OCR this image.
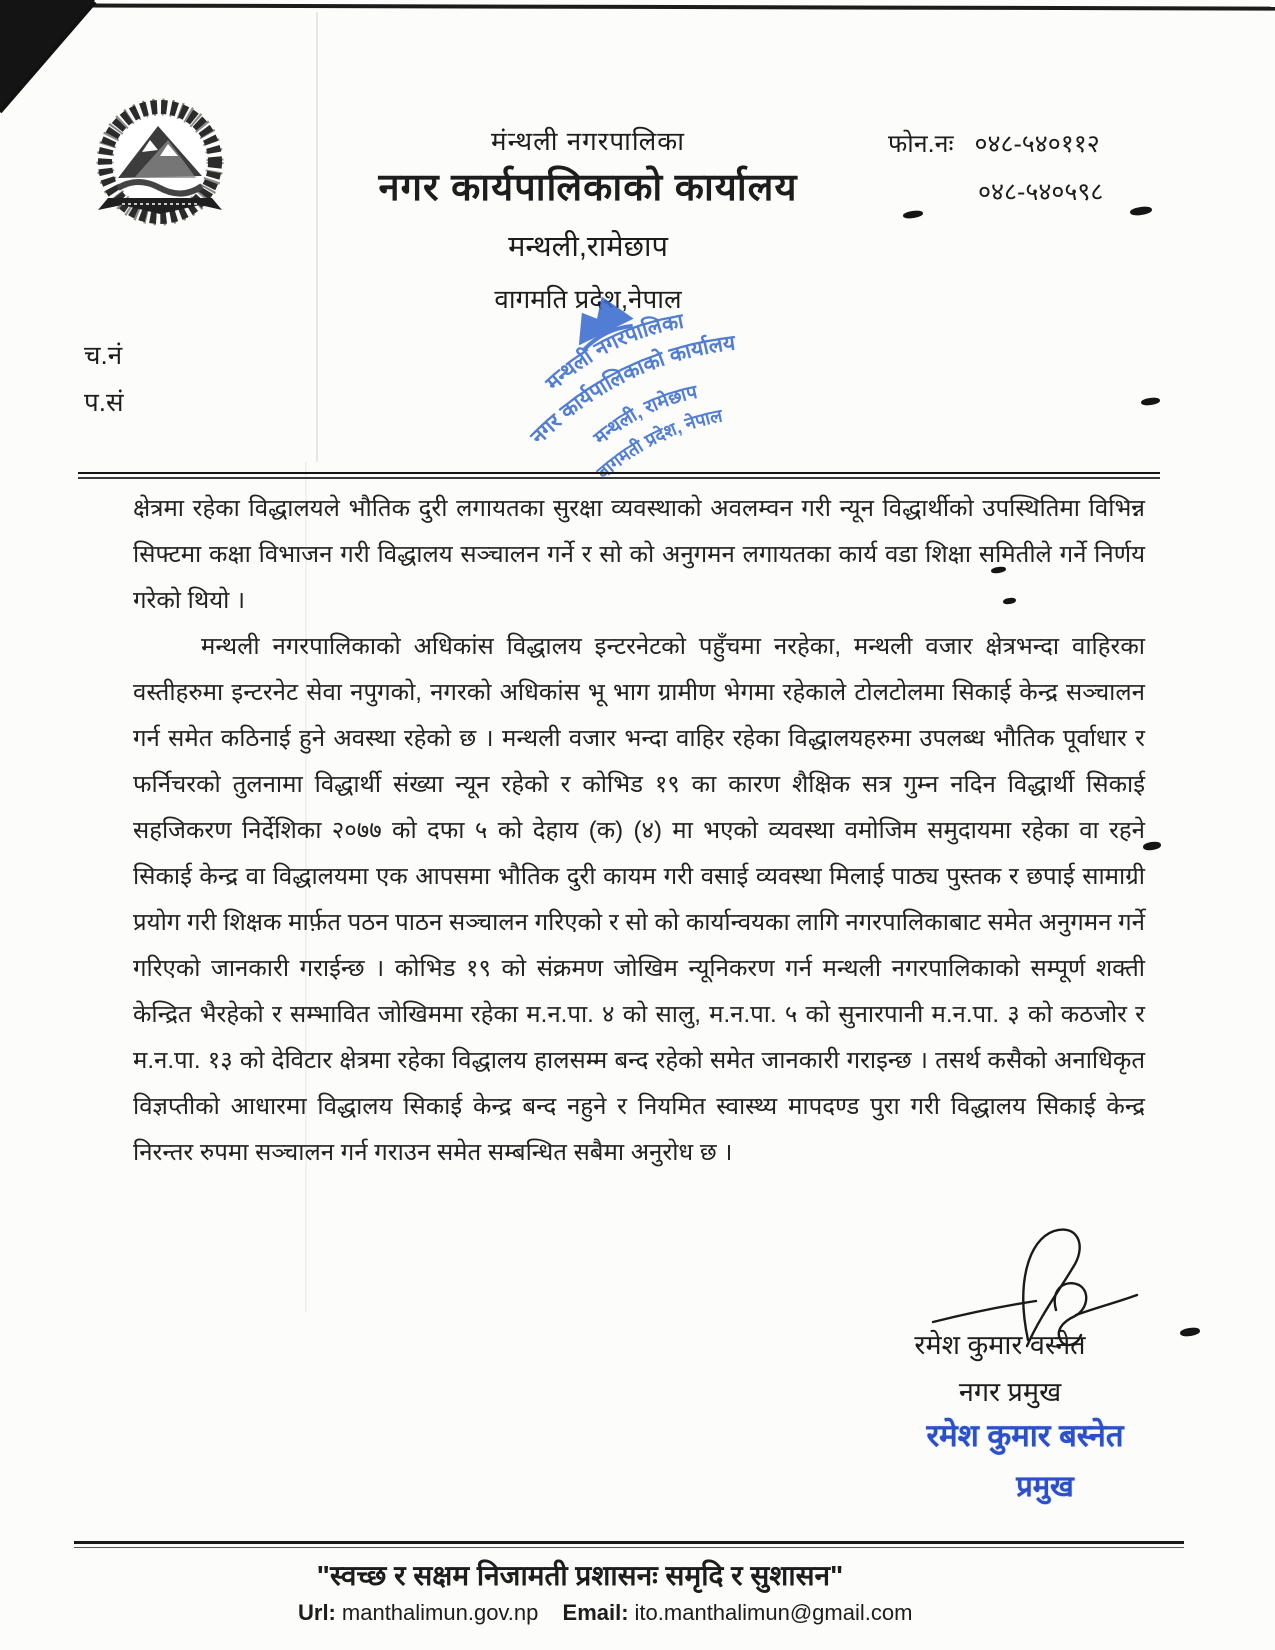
मंन्थली नगरपालिका
नगर कार्यपालिकाको कार्यालय
मन्थली,रामेछाप
वागमति प्रदेश,नेपाल
फोन.नः ०४८-५४०११२
०४८-५४०५९८
च.नं
प.सं
मन्थली नगरपालिका
नगर कार्यपालिकाको कार्यालय
मन्थली, रामेछाप
बागमती प्रदेश, नेपाल

क्षेत्रमा रहेका विद्धालयले भौतिक दुरी लगायतका सुरक्षा व्यवस्थाको अवलम्वन गरी न्यून विद्धार्थीको उपस्थितिमा विभिन्न सिफ्टमा कक्षा विभाजन गरी विद्धालय सञ्चालन गर्ने र सो को अनुगमन लगायतका कार्य वडा शिक्षा समितीले गर्ने निर्णय गरेको थियो ।

मन्थली नगरपालिकाको अधिकांस विद्धालय इन्टरनेटको पहुँचमा नरहेका, मन्थली वजार क्षेत्रभन्दा वाहिरका वस्तीहरुमा इन्टरनेट सेवा नपुगको, नगरको अधिकांस भू भाग ग्रामीण भेगमा रहेकाले टोलटोलमा सिकाई केन्द्र सञ्चालन गर्न समेत कठिनाई हुने अवस्था रहेको छ । मन्थली वजार भन्दा वाहिर रहेका विद्धालयहरुमा उपलब्ध भौतिक पूर्वाधार र फर्निचरको तुलनामा विद्धार्थी संख्या न्यून रहेको र कोभिड १९ का कारण शैक्षिक सत्र गुम्न नदिन विद्धार्थी सिकाई सहजिकरण निर्देशिका २०७७ को दफा ५ को देहाय (क) (४) मा भएको व्यवस्था वमोजिम समुदायमा रहेका वा रहने सिकाई केन्द्र वा विद्धालयमा एक आपसमा भौतिक दुरी कायम गरी वसाई व्यवस्था मिलाई पाठ्य पुस्तक र छपाई सामाग्री प्रयोग गरी शिक्षक मार्फ़त पठन पाठन सञ्चालन गरिएको र सो को कार्यान्वयका लागि नगरपालिकाबाट समेत अनुगमन गर्ने गरिएको जानकारी गराईन्छ । कोभिड १९ को संक्रमण जोखिम न्यूनिकरण गर्न मन्थली नगरपालिकाको सम्पूर्ण शक्ती केन्द्रित भैरहेको र सम्भावित जोखिममा रहेका म.न.पा. ४ को सालु, म.न.पा. ५ को सुनारपानी म.न.पा. ३ को कठजोर र म.न.पा. १३ को देविटार क्षेत्रमा रहेका विद्धालय हालसम्म बन्द रहेको समेत जानकारी गराइन्छ । तसर्थ कसैको अनाधिकृत विज्ञप्तीको आधारमा विद्धालय सिकाई केन्द्र बन्द नहुने र नियमित स्वास्थ्य मापदण्ड पुरा गरी विद्धालय सिकाई केन्द्र निरन्तर रुपमा सञ्चालन गर्न गराउन समेत सम्बन्धित सबैमा अनुरोध छ ।

रमेश कुमार वस्नेत
नगर प्रमुख
रमेश कुमार बस्नेत
प्रमुख
"स्वच्छ र सक्षम निजामती प्रशासनः समृदि र सुशासन"
Url: manthalimun.gov.np Email: ito.manthalimun@gmail.com
